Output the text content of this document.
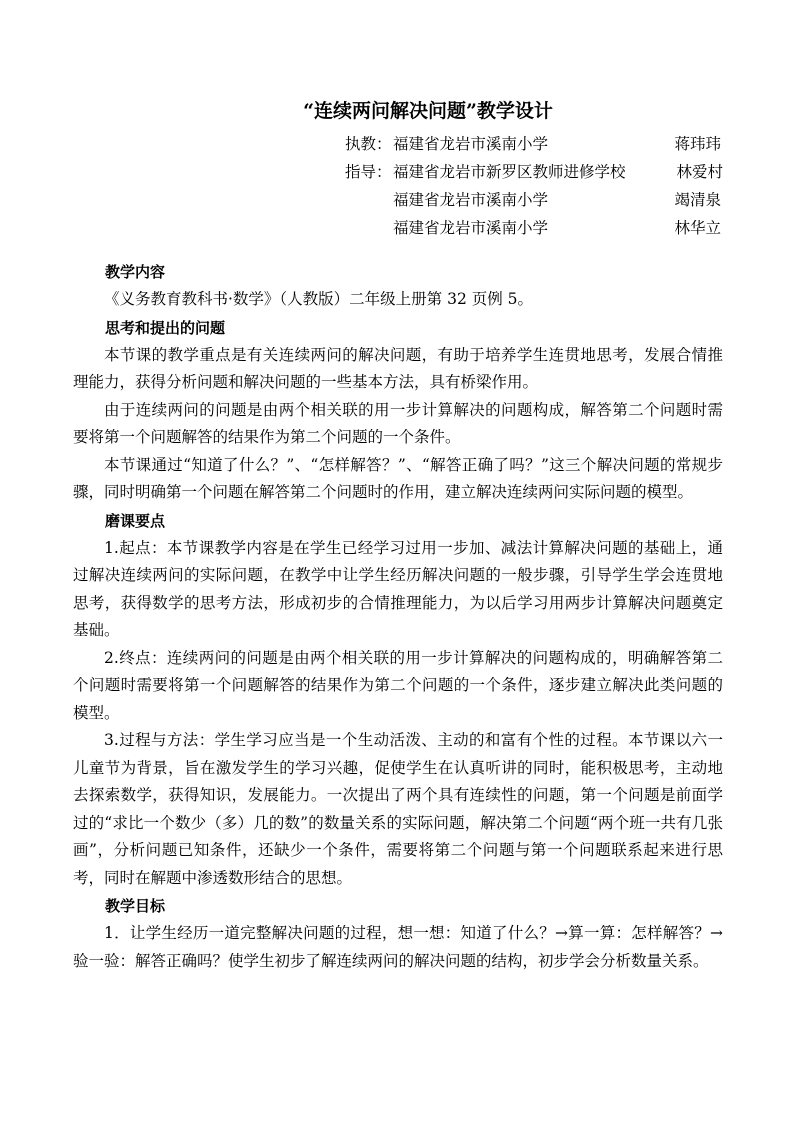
“连续两问解决问题”教学设计
执教： 福建省龙岩市溪南小学	蒋玮玮
指导： 福建省龙岩市新罗区教师进修学校	林爱村
福建省龙岩市溪南小学	竭清泉
福建省龙岩市溪南小学	林华立

教学内容

《义务教育教科书·数学》（人教版）二年级上册第 32 页例 5。

思考和提出的问题

本节课的教学重点是有关连续两问的解决问题，有助于培养学生连贯地思考，发展合情推理能力，获得分析问题和解决问题的一些基本方法，具有桥梁作用。

由于连续两问的问题是由两个相关联的用一步计算解决的问题构成，解答第二个问题时需要将第一个问题解答的结果作为第二个问题的一个条件。

本节课通过“知道了什么？”、“怎样解答？”、“解答正确了吗？”这三个解决问题的常规步骤，同时明确第一个问题在解答第二个问题时的作用，建立解决连续两问实际问题的模型。

磨课要点

1.起点：本节课教学内容是在学生已经学习过用一步加、减法计算解决问题的基础上，通过解决连续两问的实际问题，在教学中让学生经历解决问题的一般步骤，引导学生学会连贯地思考，获得数学的思考方法，形成初步的合情推理能力，为以后学习用两步计算解决问题奠定基础。

2.终点：连续两问的问题是由两个相关联的用一步计算解决的问题构成的，明确解答第二个问题时需要将第一个问题解答的结果作为第二个问题的一个条件，逐步建立解决此类问题的模型。

3.过程与方法：学生学习应当是一个生动活泼、主动的和富有个性的过程。本节课以六一儿童节为背景，旨在激发学生的学习兴趣，促使学生在认真听讲的同时，能积极思考，主动地去探索数学，获得知识，发展能力。一次提出了两个具有连续性的问题，第一个问题是前面学过的“求比一个数少（多）几的数”的数量关系的实际问题，解决第二个问题“两个班一共有几张画”，分析问题已知条件，还缺少一个条件，需要将第二个问题与第一个问题联系起来进行思考，同时在解题中渗透数形结合的思想。

教学目标

1．让学生经历一道完整解决问题的过程，想一想：知道了什么？→算一算：怎样解答？→验一验：解答正确吗？使学生初步了解连续两问的解决问题的结构，初步学会分析数量关系。
